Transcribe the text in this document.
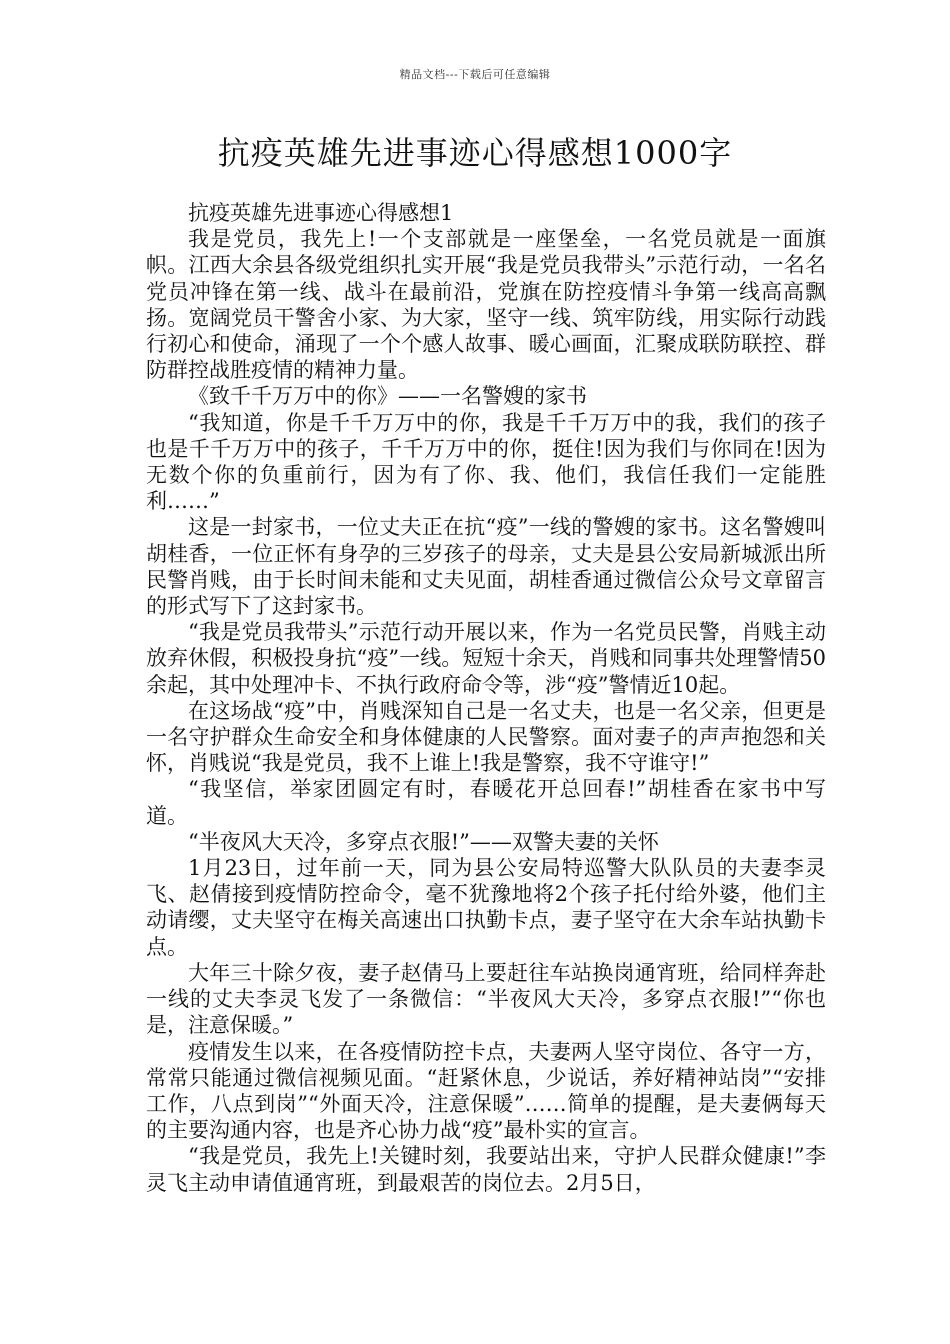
精品文档---下载后可任意编辑
抗疫英雄先进事迹心得感想1000字

抗疫英雄先进事迹心得感想1

我是党员，我先上!一个支部就是一座堡垒，一名党员就是一面旗帜。江西大余县各级党组织扎实开展“我是党员我带头”示范行动，一名名党员冲锋在第一线、战斗在最前沿，党旗在防控疫情斗争第一线高高飘扬。宽阔党员干警舍小家、为大家，坚守一线、筑牢防线，用实际行动践行初心和使命，涌现了一个个感人故事、暖心画面，汇聚成联防联控、群防群控战胜疫情的精神力量。

《致千千万万中的你》——一名警嫂的家书

“我知道，你是千千万万中的你，我是千千万万中的我，我们的孩子也是千千万万中的孩子，千千万万中的你，挺住!因为我们与你同在!因为无数个你的负重前行，因为有了你、我、他们，我信任我们一定能胜利……”

这是一封家书，一位丈夫正在抗“疫”一线的警嫂的家书。这名警嫂叫胡桂香，一位正怀有身孕的三岁孩子的母亲，丈夫是县公安局新城派出所民警肖贱，由于长时间未能和丈夫见面，胡桂香通过微信公众号文章留言的形式写下了这封家书。

“我是党员我带头”示范行动开展以来，作为一名党员民警，肖贱主动放弃休假，积极投身抗“疫”一线。短短十余天，肖贱和同事共处理警情50余起，其中处理冲卡、不执行政府命令等，涉“疫”警情近10起。

在这场战“疫”中，肖贱深知自己是一名丈夫，也是一名父亲，但更是一名守护群众生命安全和身体健康的人民警察。面对妻子的声声抱怨和关怀，肖贱说“我是党员，我不上谁上!我是警察，我不守谁守!”

“我坚信，举家团圆定有时，春暖花开总回春!”胡桂香在家书中写道。

“半夜风大天冷，多穿点衣服!”——双警夫妻的关怀

1月23日，过年前一天，同为县公安局特巡警大队队员的夫妻李灵飞、赵倩接到疫情防控命令，毫不犹豫地将2个孩子托付给外婆，他们主动请缨，丈夫坚守在梅关高速出口执勤卡点，妻子坚守在大余车站执勤卡点。

大年三十除夕夜，妻子赵倩马上要赶往车站换岗通宵班，给同样奔赴一线的丈夫李灵飞发了一条微信：“半夜风大天冷，多穿点衣服!”“你也是，注意保暖。”

疫情发生以来，在各疫情防控卡点，夫妻两人坚守岗位、各守一方，常常只能通过微信视频见面。“赶紧休息，少说话，养好精神站岗”“安排工作，八点到岗”“外面天冷，注意保暖”……简单的提醒，是夫妻俩每天的主要沟通内容，也是齐心协力战“疫”最朴实的宣言。

“我是党员，我先上!关键时刻，我要站出来，守护人民群众健康!”李灵飞主动申请值通宵班，到最艰苦的岗位去。2月5日，
